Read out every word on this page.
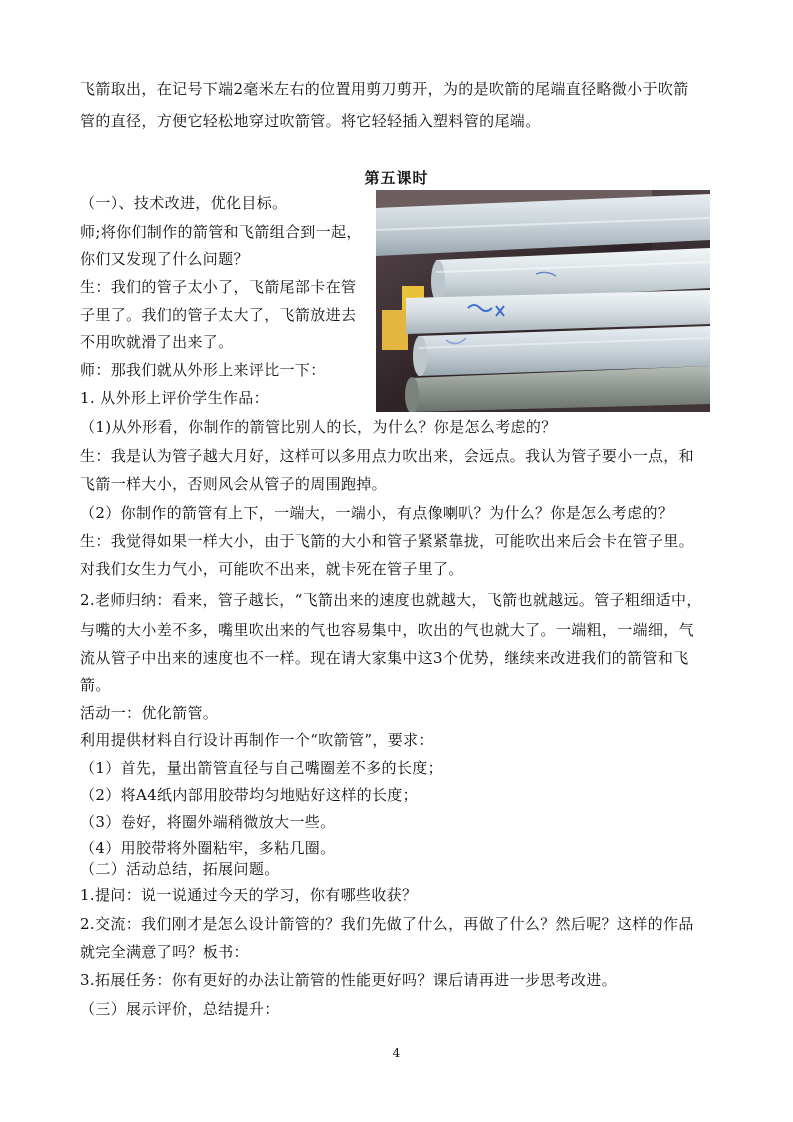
飞箭取出，在记号下端2毫米左右的位置用剪刀剪开，为的是吹箭的尾端直径略微小于吹箭
管的直径，方便它轻松地穿过吹箭管。将它轻轻插入塑料管的尾端。
第五课时
（一）、技术改进，优化目标。
师;将你们制作的箭管和飞箭组合到一起，
你们又发现了什么问题？
生：我们的管子太小了，飞箭尾部卡在管
子里了。我们的管子太大了，飞箭放进去
不用吹就滑了出来了。
师：那我们就从外形上来评比一下：
1. 从外形上评价学生作品：
（1)从外形看，你制作的箭管比别人的长，为什么？你是怎么考虑的？
生：我是认为管子越大月好，这样可以多用点力吹出来，会远点。我认为管子要小一点，和
飞箭一样大小，否则风会从管子的周围跑掉。
（2）你制作的箭管有上下，一端大，一端小，有点像喇叭？为什么？你是怎么考虑的？
生：我觉得如果一样大小，由于飞箭的大小和管子紧紧靠拢，可能吹出来后会卡在管子里。
对我们女生力气小，可能吹不出来，就卡死在管子里了。
2.老师归纳：看来，管子越长，“飞箭出来的速度也就越大，飞箭也就越远。管子粗细适中，
与嘴的大小差不多，嘴里吹出来的气也容易集中，吹出的气也就大了。一端粗，一端细，气
流从管子中出来的速度也不一样。现在请大家集中这3个优势，继续来改进我们的箭管和飞
箭。
活动一：优化箭管。
利用提供材料自行设计再制作一个“吹箭管”，要求：
（1）首先，量出箭管直径与自己嘴圈差不多的长度；
（2）将A4纸内部用胶带均匀地贴好这样的长度；
（3）卷好，将圈外端稍微放大一些。
（4）用胶带将外圈粘牢，多粘几圈。
（二）活动总结，拓展问题。
1.提问：说一说通过今天的学习，你有哪些收获？
2.交流：我们刚才是怎么设计箭管的？我们先做了什么，再做了什么？然后呢？这样的作品
就完全满意了吗？板书：
3.拓展任务：你有更好的办法让箭管的性能更好吗？课后请再进一步思考改进。
（三）展示评价，总结提升：
4
